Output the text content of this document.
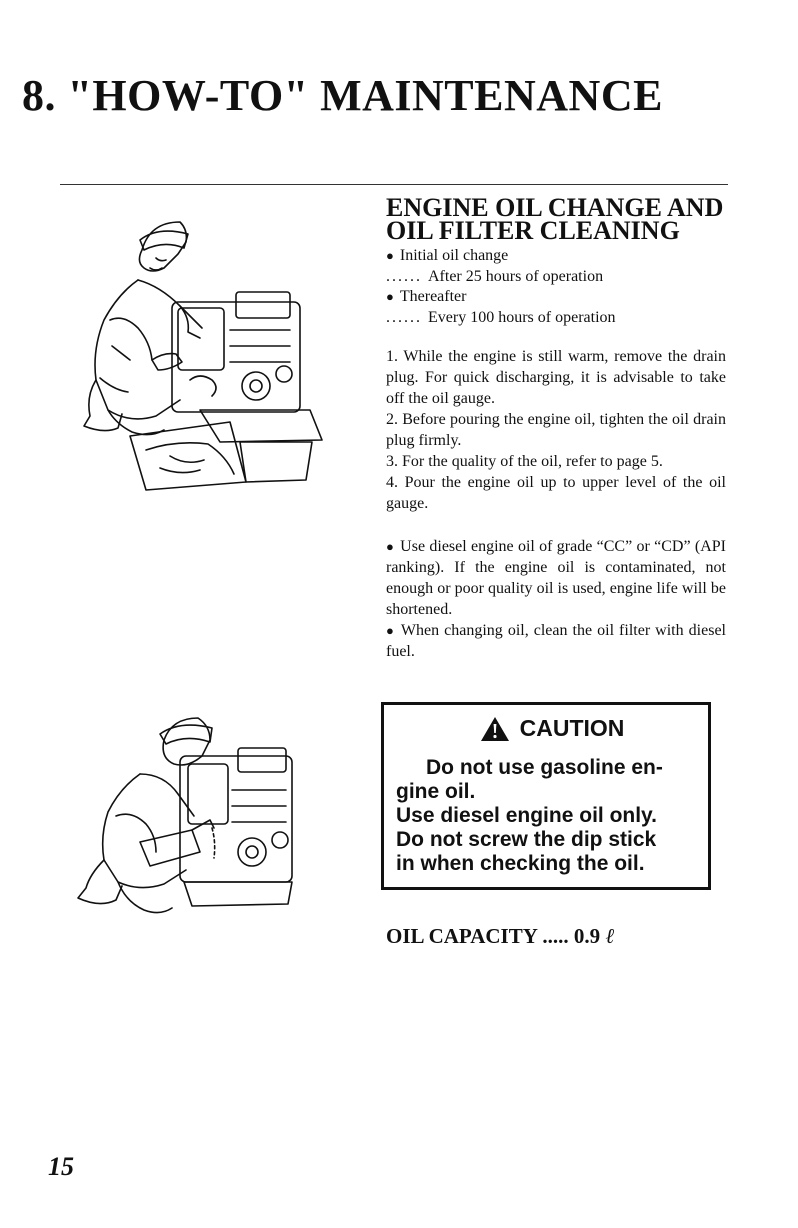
8. "HOW-TO" MAINTENANCE
ENGINE OIL CHANGE AND
OIL FILTER CLEANING
● Initial oil change
...... After 25 hours of operation
● Thereafter
...... Every 100 hours of operation

1. While the engine is still warm, remove the drain plug. For quick discharging, it is advisable to take off the oil gauge.

2. Before pouring the engine oil, tighten the oil drain plug firmly.

3. For the quality of the oil, refer to page 5.

4. Pour the engine oil up to upper level of the oil gauge.

● Use diesel engine oil of grade “CC” or “CD” (API ranking). If the engine oil is contaminated, not enough or poor quality oil is used, engine life will be shortened.

● When changing oil, clean the oil filter with diesel fuel.

CAUTION

Do not use gasoline en-

gine oil.

Use diesel engine oil only.

Do not screw the dip stick

in when checking the oil.

OIL CAPACITY ..... 0.9 ℓ
15
